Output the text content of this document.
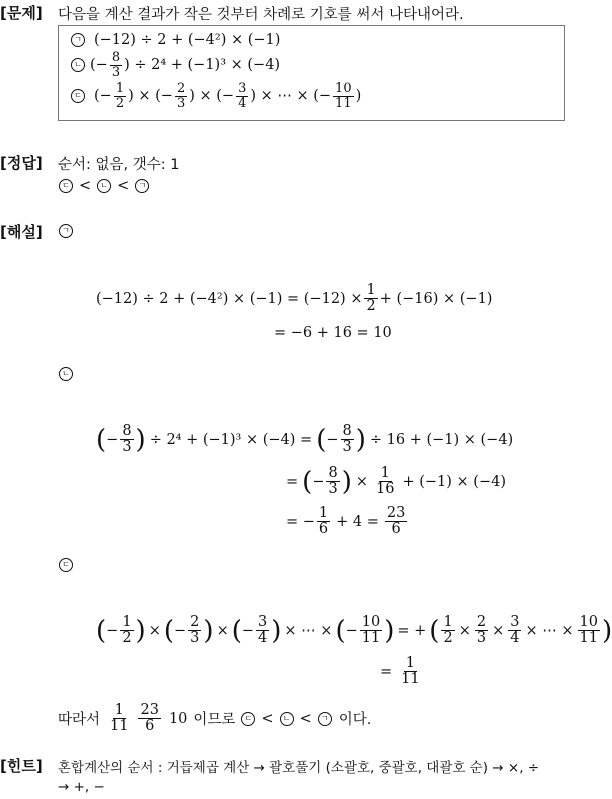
[문제] 다음을 계산 결과가 작은 것부터 차례로 기호를 써서 나타내어라.
ㄱ (−12) ÷ 2 + (−4²) × (−1)
ㄴ (− $\frac{8}{3}$ ) ÷ 2⁴ + (−1)³ × (−4)
ㄷ (− $\frac{1}{2}$ ) × (− $\frac{2}{3}$ ) × (− $\frac{3}{4}$ ) × ⋯ × (− $\frac{10}{11}$ )
[정답] 순서: 없음, 갯수: 1
ㄷ <	ㄴ <	ㄱ
[해설]	ㄱ
$(-12) \div 2 + (-4^2) \times (-1) = (-12) \times \frac{1}{2} + (-16) \times (-1)$
= −6 + 16 = 10
ㄴ
( − $\frac{8}{3}$ ) ÷ 2⁴ + (−1)³ × (−4) = ( − $\frac{8}{3}$ ) ÷ 16 + (−1) × (−4)
= ( − $\frac{8}{3}$ ) × $\frac{1}{16} + (-1) \times (-4)$
= − $\frac{1}{6} + 4 = \frac{23}{6}$
ㄷ
( − $\frac{1}{2}$ ) × ( − $\frac{2}{3}$ ) × ( − $\frac{3}{4}$ ) × ⋯ × ( − $\frac{10}{11}$ ) = + ( $\frac{1}{2} \times \frac{2}{3} \times \frac{3}{4}$ × ⋯ × $\frac{10}{11}$ )
= $\frac{1}{11}$
따라서 $\frac{1}{11} \frac{23}{6} 10$ 이므로	ㄷ <	ㄴ <	ㄱ 이다.
[힌트] 혼합계산의 순서 : 거듭제곱 계산 → 괄호풀기 (소괄호, 중괄호, 대괄호 순) → ×, ÷
→ +, −
